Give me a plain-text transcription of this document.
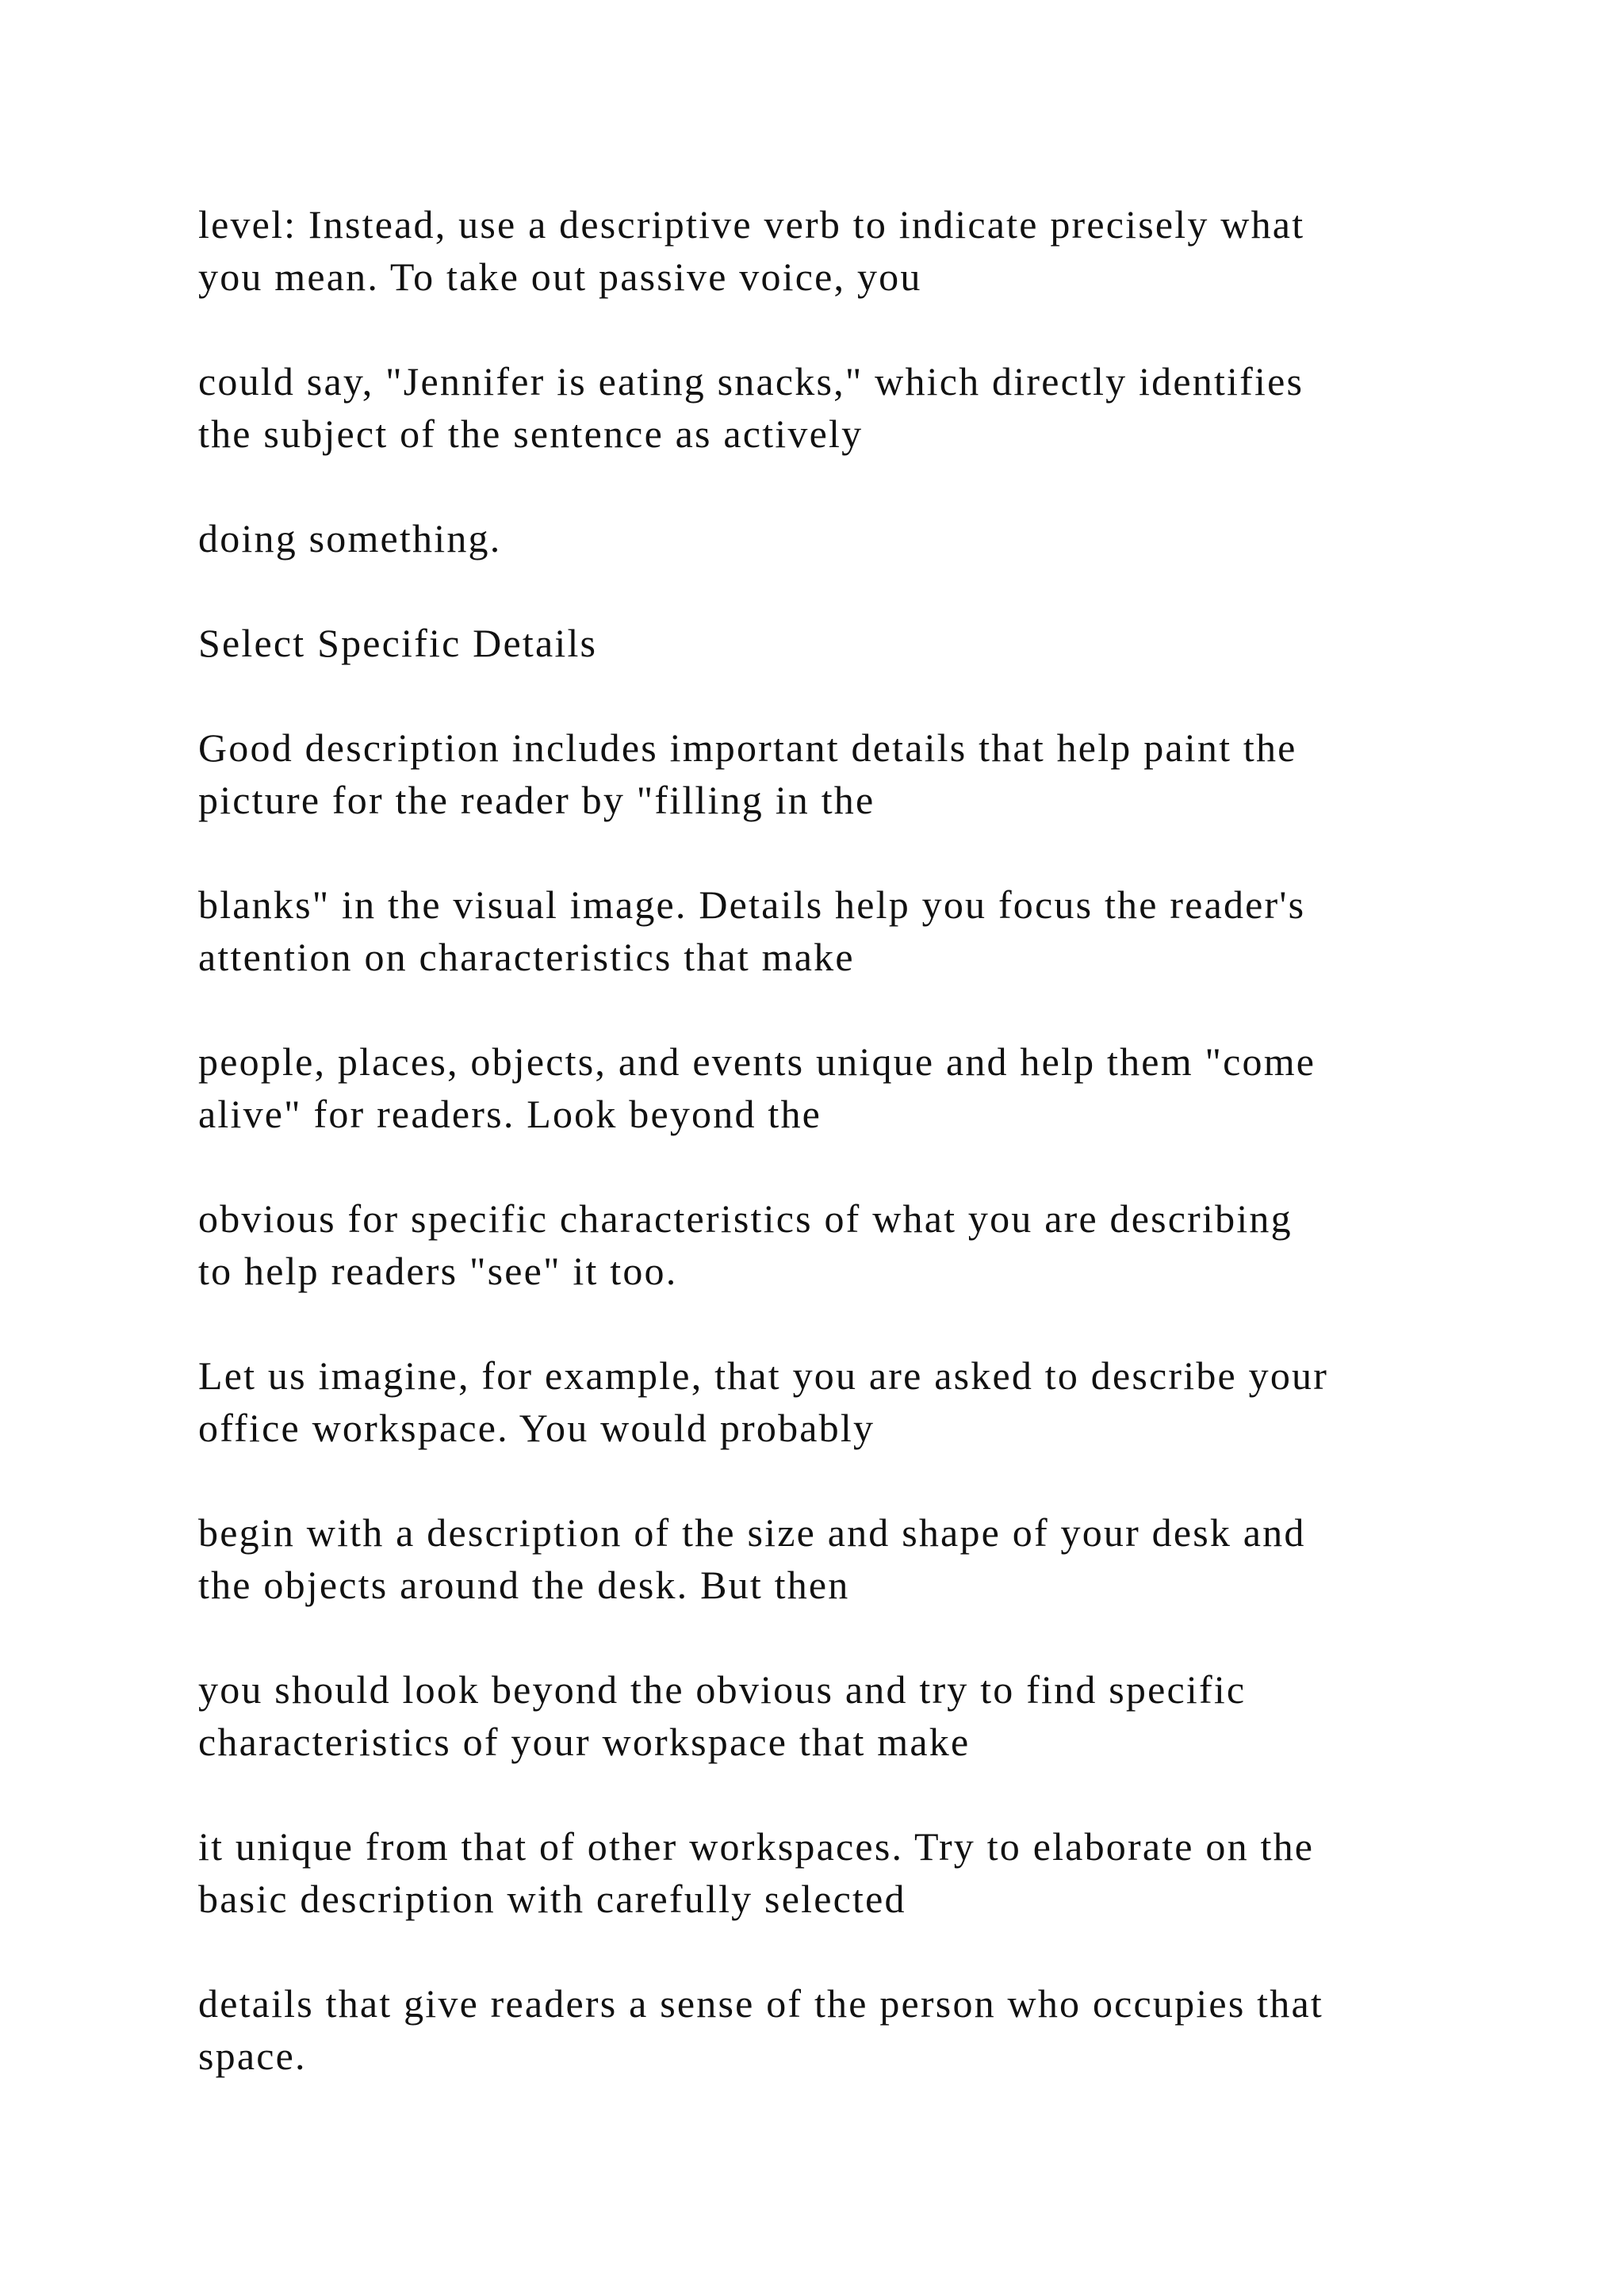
level: Instead, use a descriptive verb to indicate precisely what
you mean. To take out passive voice, you

could say, "Jennifer is eating snacks," which directly identifies
the subject of the sentence as actively

doing something.

Select Specific Details

Good description includes important details that help paint the
picture for the reader by "filling in the

blanks" in the visual image. Details help you focus the reader's
attention on characteristics that make

people, places, objects, and events unique and help them "come
alive" for readers. Look beyond the

obvious for specific characteristics of what you are describing
to help readers "see" it too.

Let us imagine, for example, that you are asked to describe your
office workspace. You would probably

begin with a description of the size and shape of your desk and
the objects around the desk. But then

you should look beyond the obvious and try to find specific
characteristics of your workspace that make

it unique from that of other workspaces. Try to elaborate on the
basic description with carefully selected

details that give readers a sense of the person who occupies that
space.
